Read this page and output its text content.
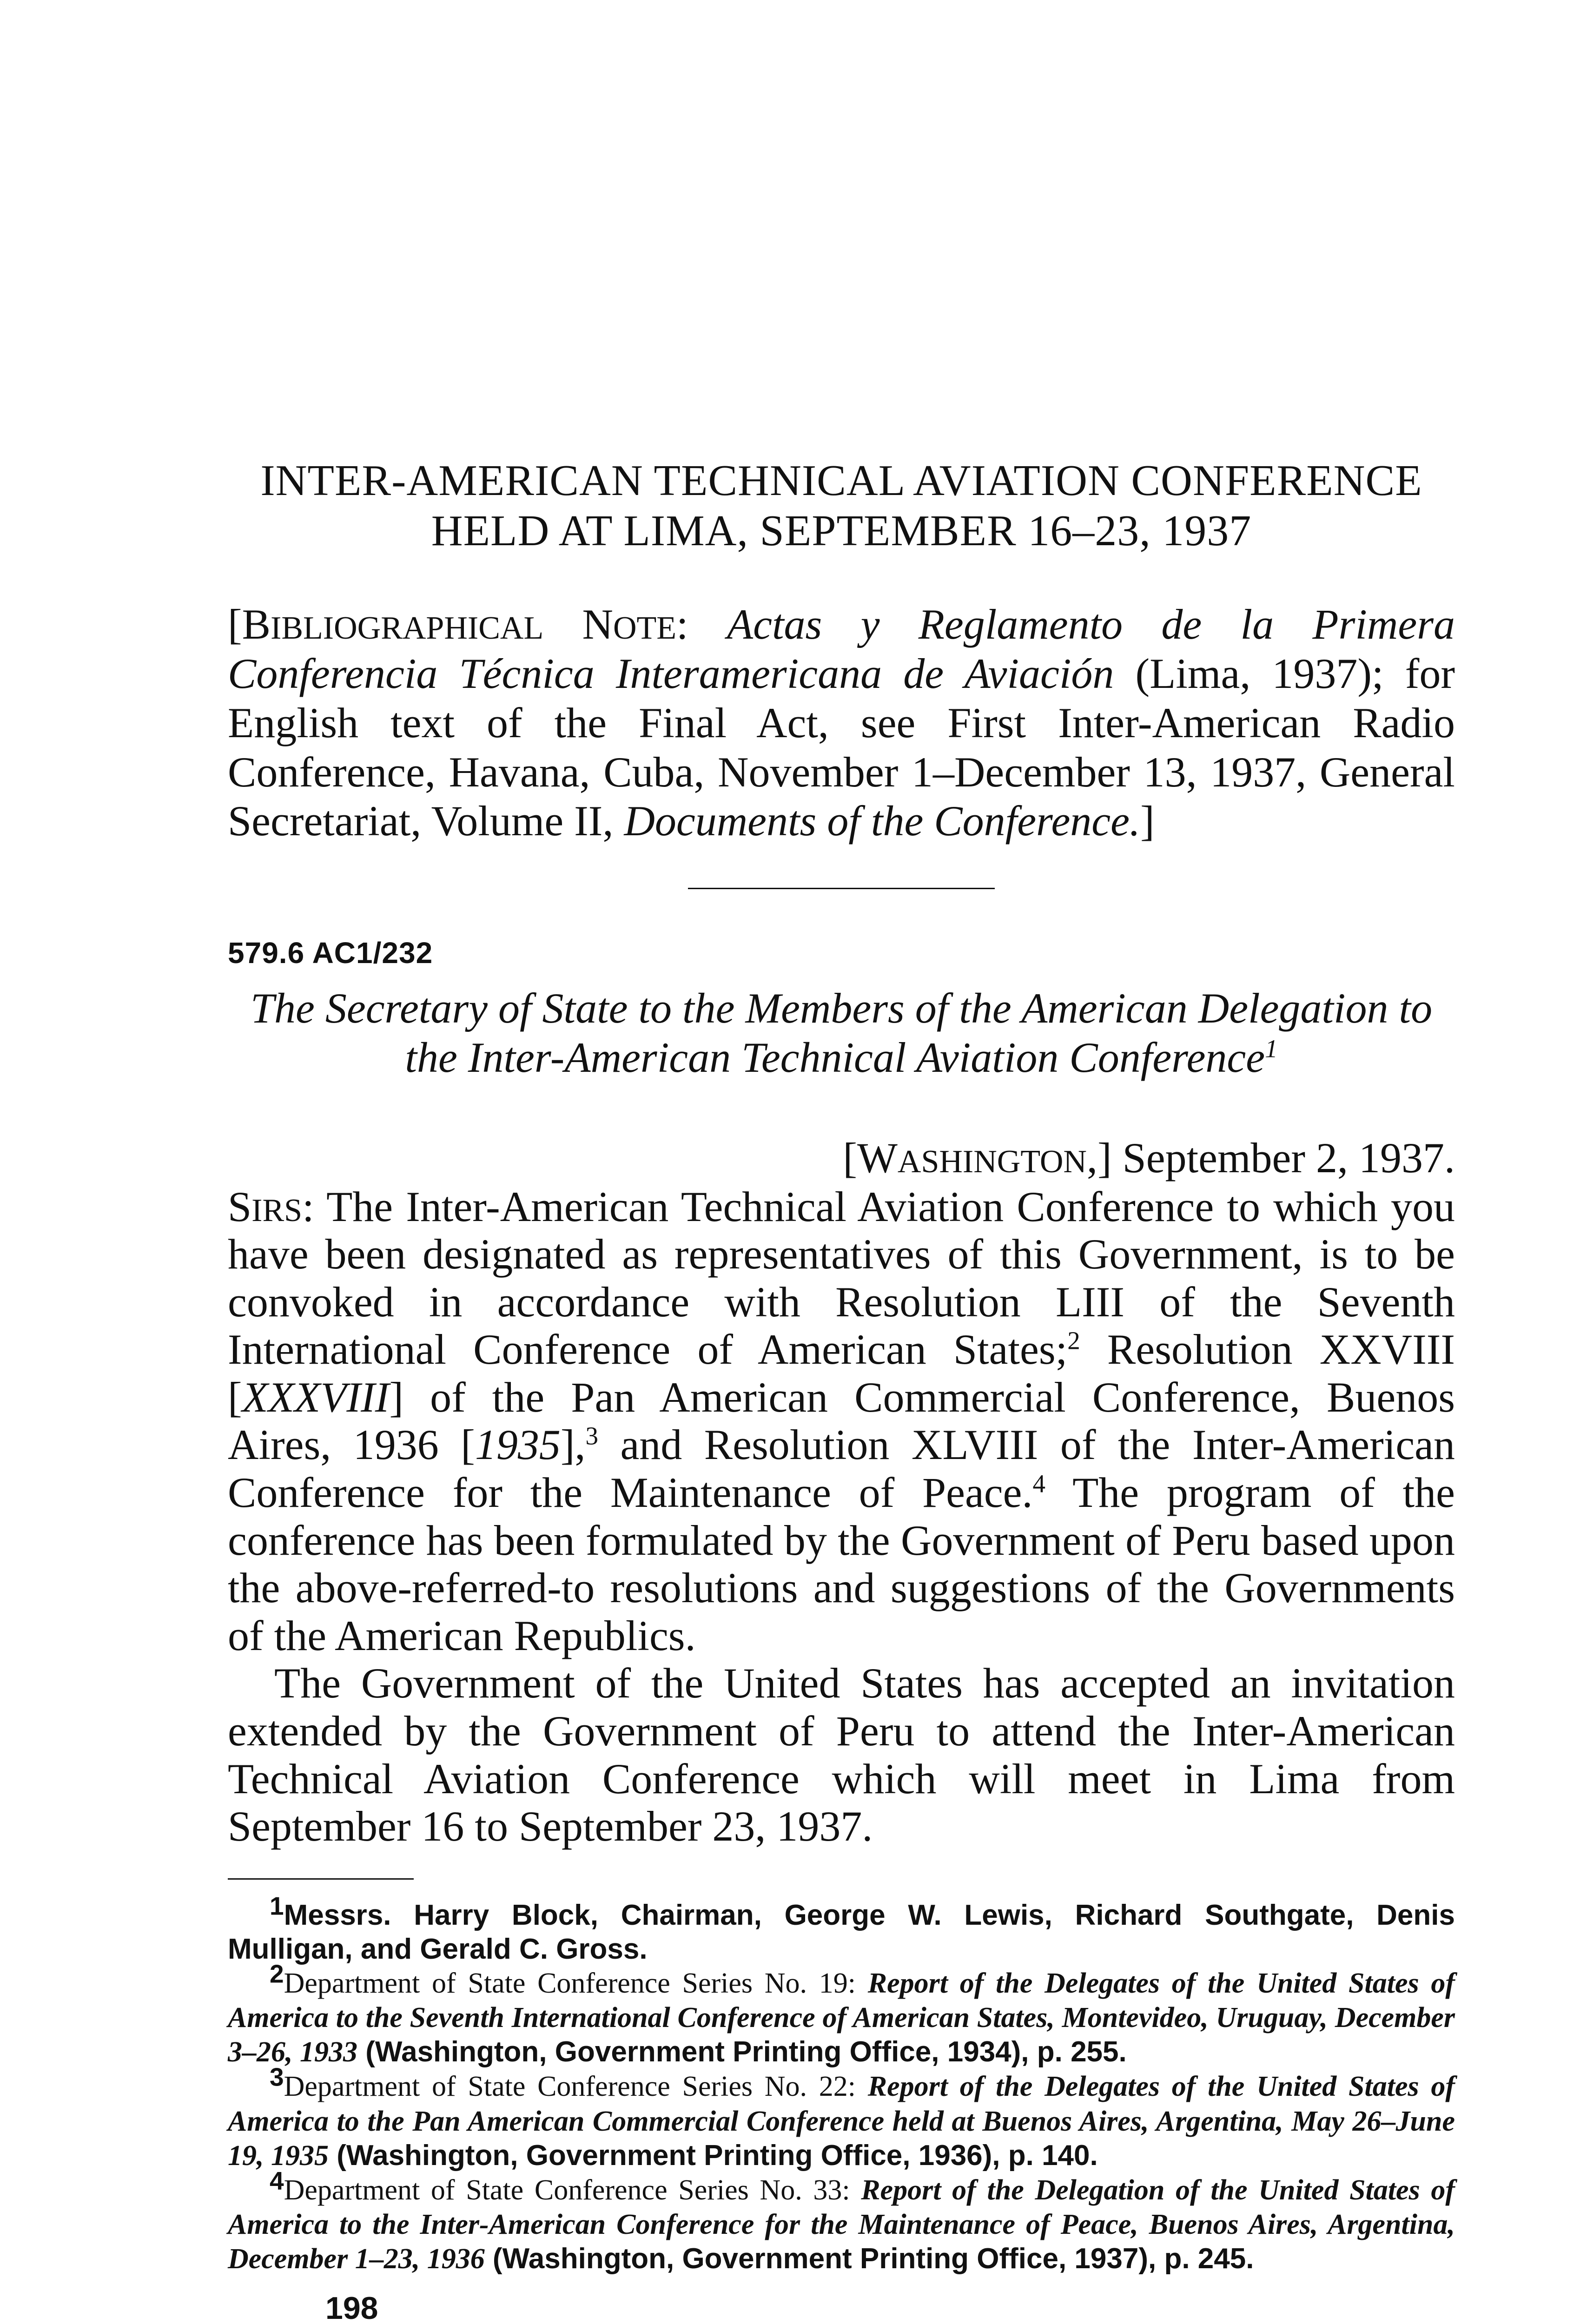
INTER-AMERICAN TECHNICAL AVIATION CONFERENCE
HELD AT LIMA, SEPTEMBER 16–23, 1937
[BIBLIOGRAPHICAL NOTE: Actas y Reglamento de la Primera Conferencia Técnica Interamericana de Aviación (Lima, 1937); for English text of the Final Act, see First Inter-American Radio Conference, Havana, Cuba, November 1–December 13, 1937, General Secretariat, Volume II, Documents of the Conference.]
579.6 AC1/232
The Secretary of State to the Members of the American Delegation to the Inter-American Technical Aviation Conference$^1$
[WASHINGTON,] September 2, 1937.

SIRS: The Inter-American Technical Aviation Conference to which you have been designated as representatives of this Government, is to be convoked in accordance with Resolution LIII of the Seventh International Conference of American States;$^2$ Resolution XXVIII [XXXVIII] of the Pan American Commercial Conference, Buenos Aires, 1936 [1935],$^3$ and Resolution XLVIII of the Inter-American Conference for the Maintenance of Peace.$^4$ The program of the conference has been formulated by the Government of Peru based upon the above-referred-to resolutions and suggestions of the Governments of the American Republics.

The Government of the United States has accepted an invitation extended by the Government of Peru to attend the Inter-American Technical Aviation Conference which will meet in Lima from September 16 to September 23, 1937.

$^1$Messrs. Harry Block, Chairman, George W. Lewis, Richard Southgate, Denis Mulligan, and Gerald C. Gross.

$^2$Department of State Conference Series No. 19: Report of the Delegates of the United States of America to the Seventh International Conference of American States, Montevideo, Uruguay, December 3–26, 1933 (Washington, Government Printing Office, 1934), p. 255.

$^3$Department of State Conference Series No. 22: Report of the Delegates of the United States of America to the Pan American Commercial Conference held at Buenos Aires, Argentina, May 26–June 19, 1935 (Washington, Government Printing Office, 1936), p. 140.

$^4$Department of State Conference Series No. 33: Report of the Delegation of the United States of America to the Inter-American Conference for the Maintenance of Peace, Buenos Aires, Argentina, December 1–23, 1936 (Washington, Government Printing Office, 1937), p. 245.

198
